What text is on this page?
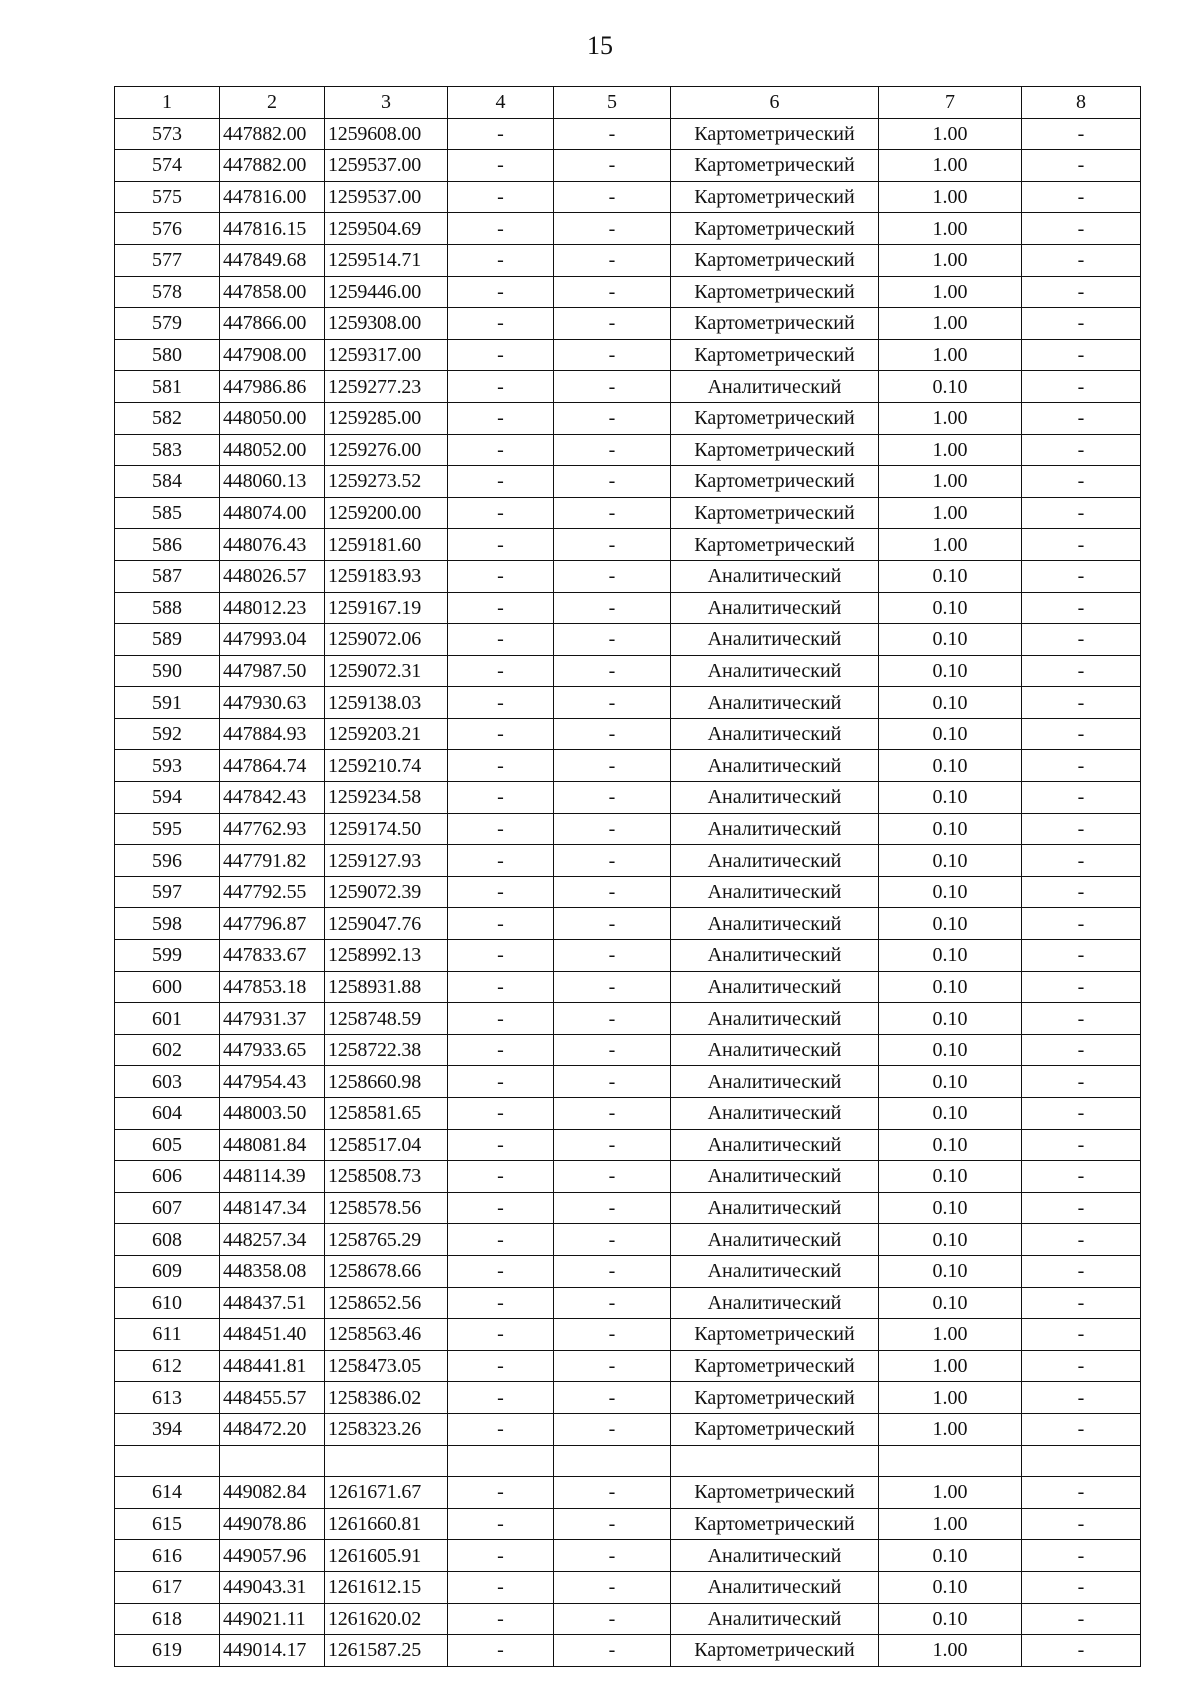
15
1	2	3	4	5	6	7	8
573	447882.00	1259608.00	-	-	Картометрический	1.00	-
574	447882.00	1259537.00	-	-	Картометрический	1.00	-
575	447816.00	1259537.00	-	-	Картометрический	1.00	-
576	447816.15	1259504.69	-	-	Картометрический	1.00	-
577	447849.68	1259514.71	-	-	Картометрический	1.00	-
578	447858.00	1259446.00	-	-	Картометрический	1.00	-
579	447866.00	1259308.00	-	-	Картометрический	1.00	-
580	447908.00	1259317.00	-	-	Картометрический	1.00	-
581	447986.86	1259277.23	-	-	Аналитический	0.10	-
582	448050.00	1259285.00	-	-	Картометрический	1.00	-
583	448052.00	1259276.00	-	-	Картометрический	1.00	-
584	448060.13	1259273.52	-	-	Картометрический	1.00	-
585	448074.00	1259200.00	-	-	Картометрический	1.00	-
586	448076.43	1259181.60	-	-	Картометрический	1.00	-
587	448026.57	1259183.93	-	-	Аналитический	0.10	-
588	448012.23	1259167.19	-	-	Аналитический	0.10	-
589	447993.04	1259072.06	-	-	Аналитический	0.10	-
590	447987.50	1259072.31	-	-	Аналитический	0.10	-
591	447930.63	1259138.03	-	-	Аналитический	0.10	-
592	447884.93	1259203.21	-	-	Аналитический	0.10	-
593	447864.74	1259210.74	-	-	Аналитический	0.10	-
594	447842.43	1259234.58	-	-	Аналитический	0.10	-
595	447762.93	1259174.50	-	-	Аналитический	0.10	-
596	447791.82	1259127.93	-	-	Аналитический	0.10	-
597	447792.55	1259072.39	-	-	Аналитический	0.10	-
598	447796.87	1259047.76	-	-	Аналитический	0.10	-
599	447833.67	1258992.13	-	-	Аналитический	0.10	-
600	447853.18	1258931.88	-	-	Аналитический	0.10	-
601	447931.37	1258748.59	-	-	Аналитический	0.10	-
602	447933.65	1258722.38	-	-	Аналитический	0.10	-
603	447954.43	1258660.98	-	-	Аналитический	0.10	-
604	448003.50	1258581.65	-	-	Аналитический	0.10	-
605	448081.84	1258517.04	-	-	Аналитический	0.10	-
606	448114.39	1258508.73	-	-	Аналитический	0.10	-
607	448147.34	1258578.56	-	-	Аналитический	0.10	-
608	448257.34	1258765.29	-	-	Аналитический	0.10	-
609	448358.08	1258678.66	-	-	Аналитический	0.10	-
610	448437.51	1258652.56	-	-	Аналитический	0.10	-
611	448451.40	1258563.46	-	-	Картометрический	1.00	-
612	448441.81	1258473.05	-	-	Картометрический	1.00	-
613	448455.57	1258386.02	-	-	Картометрический	1.00	-
394	448472.20	1258323.26	-	-	Картометрический	1.00	-

614	449082.84	1261671.67	-	-	Картометрический	1.00	-
615	449078.86	1261660.81	-	-	Картометрический	1.00	-
616	449057.96	1261605.91	-	-	Аналитический	0.10	-
617	449043.31	1261612.15	-	-	Аналитический	0.10	-
618	449021.11	1261620.02	-	-	Аналитический	0.10	-
619	449014.17	1261587.25	-	-	Картометрический	1.00	-
